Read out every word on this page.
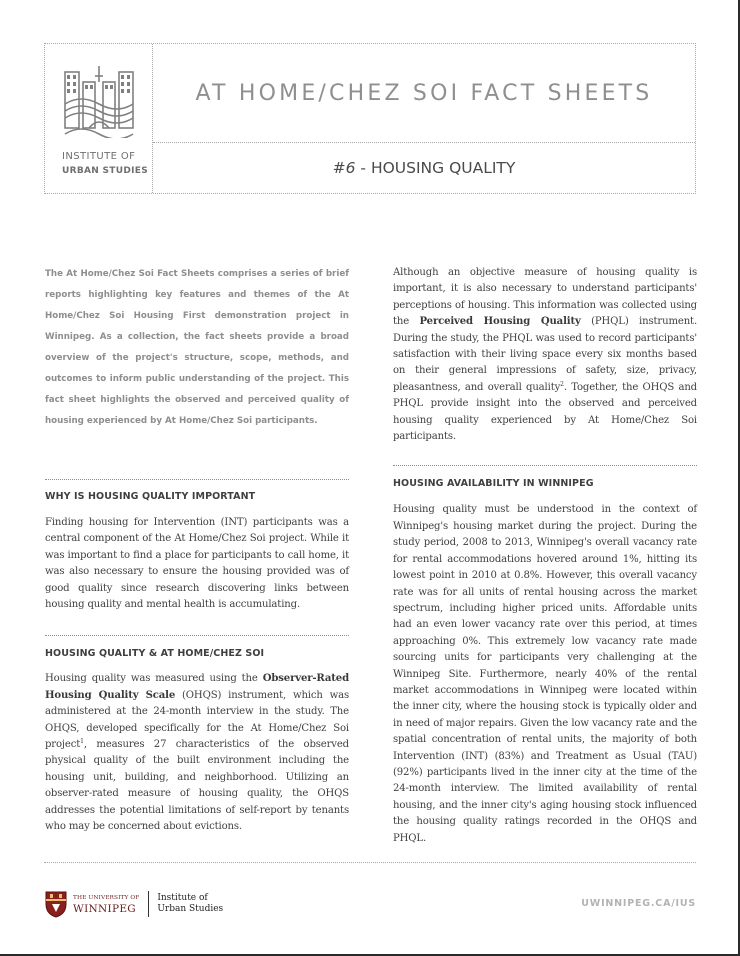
INSTITUTE OF
URBAN STUDIES
AT HOME/CHEZ SOI FACT SHEETS
#6 - HOUSING QUALITY

The At Home/Chez Soi Fact Sheets comprises a series of brief reports highlighting key features and themes of the At Home/Chez Soi Housing First demonstration project in Winnipeg. As a collection, the fact sheets provide a broad overview of the project's structure, scope, methods, and outcomes to inform public understanding of the project. This fact sheet highlights the observed and perceived quality of housing experienced by At Home/Chez Soi participants.

WHY IS HOUSING QUALITY IMPORTANT

Finding housing for Intervention (INT) participants was a central component of the At Home/Chez Soi project. While it was important to find a place for participants to call home, it was also necessary to ensure the housing provided was of good quality since research discovering links between housing quality and mental health is accumulating.

HOUSING QUALITY & AT HOME/CHEZ SOI

Housing quality was measured using the Observer-Rated Housing Quality Scale (OHQS) instrument, which was administered at the 24-month interview in the study. The OHQS, developed specifically for the At Home/Chez Soi project$^1$, measures 27 characteristics of the observed physical quality of the built environment including the housing unit, building, and neighborhood. Utilizing an observer-rated measure of housing quality, the OHQS addresses the potential limitations of self-report by tenants who may be concerned about evictions.

Although an objective measure of housing quality is important, it is also necessary to understand participants' perceptions of housing. This information was collected using the Perceived Housing Quality (PHQL) instrument. During the study, the PHQL was used to record participants' satisfaction with their living space every six months based on their general impressions of safety, size, privacy, pleasantness, and overall quality$^2$. Together, the OHQS and PHQL provide insight into the observed and perceived housing quality experienced by At Home/Chez Soi participants.

HOUSING AVAILABILITY IN WINNIPEG

Housing quality must be understood in the context of Winnipeg's housing market during the project. During the study period, 2008 to 2013, Winnipeg's overall vacancy rate for rental accommodations hovered around 1%, hitting its lowest point in 2010 at 0.8%. However, this overall vacancy rate was for all units of rental housing across the market spectrum, including higher priced units. Affordable units had an even lower vacancy rate over this period, at times approaching 0%. This extremely low vacancy rate made sourcing units for participants very challenging at the Winnipeg Site. Furthermore, nearly 40% of the rental market accommodations in Winnipeg were located within the inner city, where the housing stock is typically older and in need of major repairs. Given the low vacancy rate and the spatial concentration of rental units, the majority of both Intervention (INT) (83%) and Treatment as Usual (TAU) (92%) participants lived in the inner city at the time of the 24-month interview. The limited availability of rental housing, and the inner city's aging housing stock influenced the housing quality ratings recorded in the OHQS and PHQL.

THE UNIVERSITY OF
WINNIPEG
Institute of
Urban Studies	UWINNIPEG.CA/IUS
